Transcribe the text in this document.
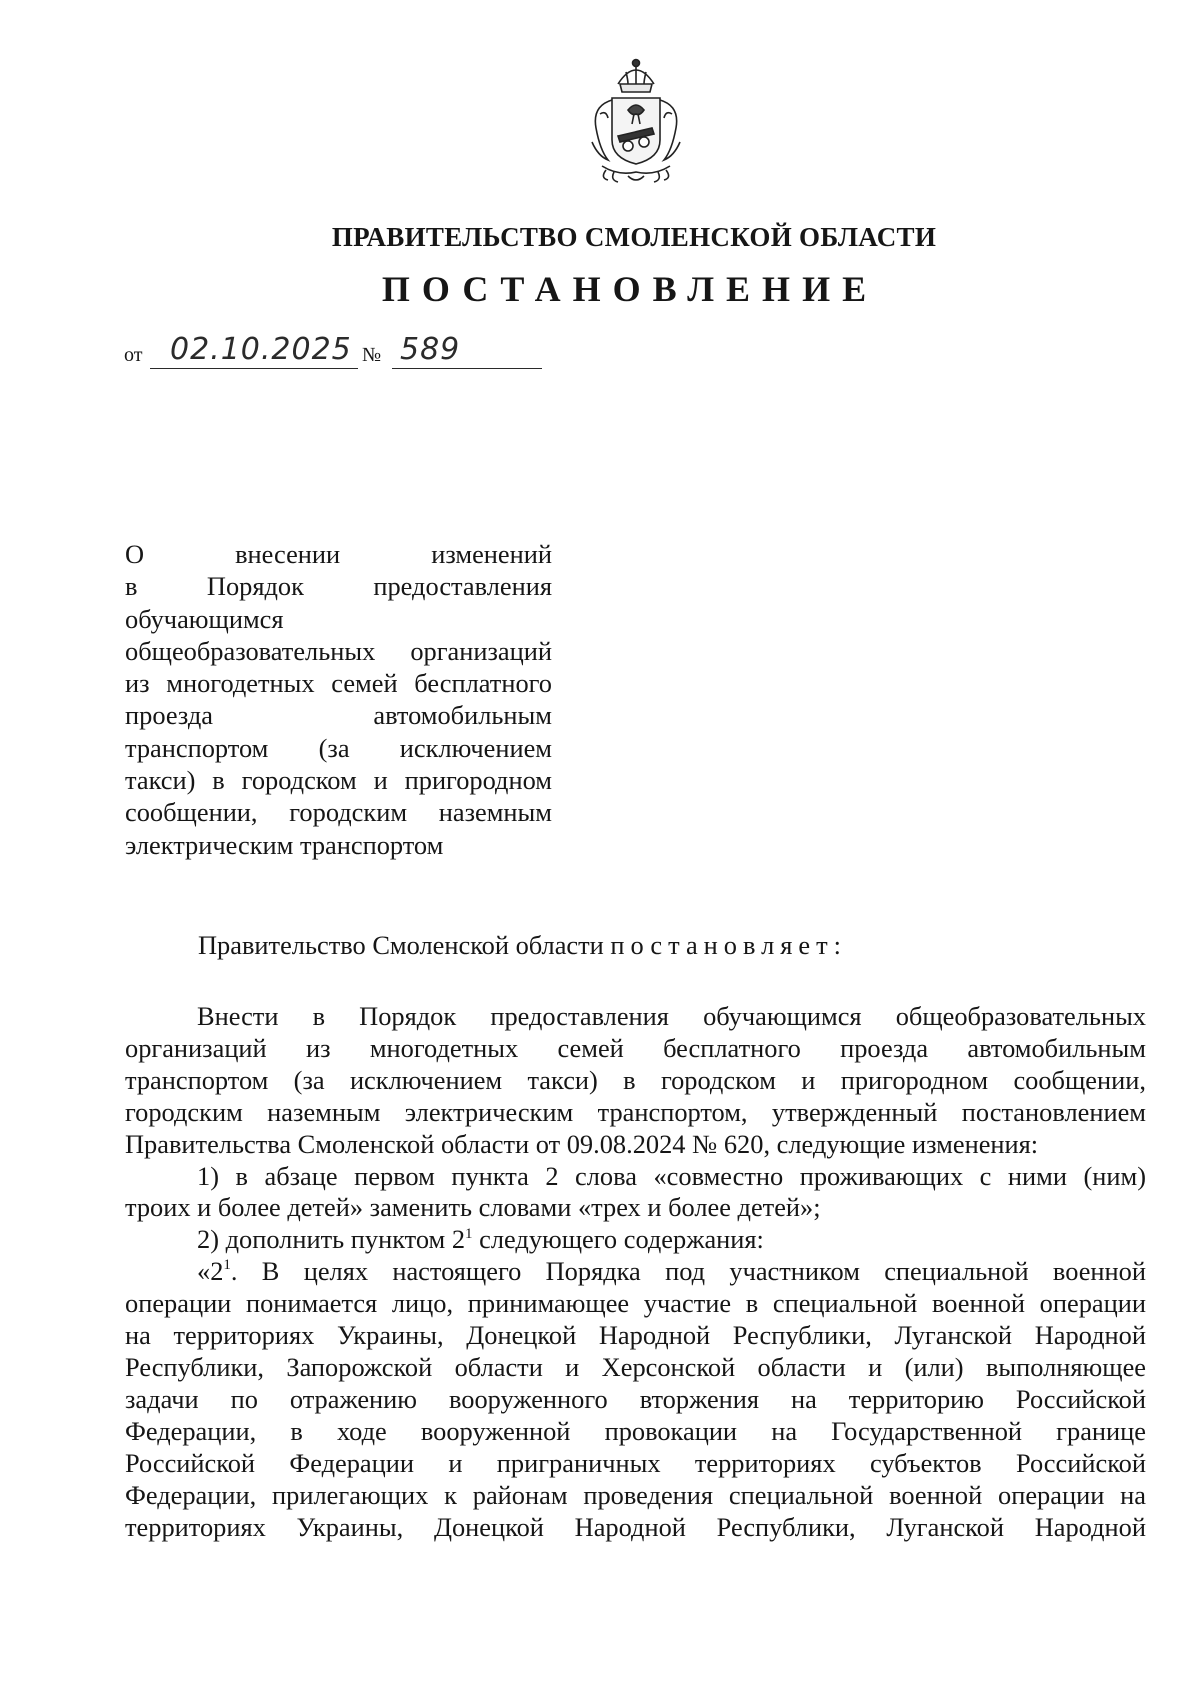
ПРАВИТЕЛЬСТВО СМОЛЕНСКОЙ ОБЛАСТИ
ПОСТАНОВЛЕНИЕ
от 02.10.2025 № 589
О внесении изменений
в Порядок предоставления
обучающимся
общеобразовательных организаций
из многодетных семей бесплатного
проезда автомобильным
транспортом (за исключением
такси) в городском и пригородном
сообщении, городским наземным
электрическим транспортом
Правительство Смоленской области постановляет:
Внести в Порядок предоставления обучающимся общеобразовательных
организаций из многодетных семей бесплатного проезда автомобильным
транспортом (за исключением такси) в городском и пригородном сообщении,
городским наземным электрическим транспортом, утвержденный постановлением
Правительства Смоленской области от 09.08.2024 № 620, следующие изменения:
1) в абзаце первом пункта 2 слова «совместно проживающих с ними (ним)
троих и более детей» заменить словами «трех и более детей»;
2) дополнить пунктом $2^1$ следующего содержания:
«$2^1$. В целях настоящего Порядка под участником специальной военной
операции понимается лицо, принимающее участие в специальной военной операции
на территориях Украины, Донецкой Народной Республики, Луганской Народной
Республики, Запорожской области и Херсонской области и (или) выполняющее
задачи по отражению вооруженного вторжения на территорию Российской
Федерации, в ходе вооруженной провокации на Государственной границе
Российской Федерации и приграничных территориях субъектов Российской
Федерации, прилегающих к районам проведения специальной военной операции на
территориях Украины, Донецкой Народной Республики, Луганской Народной
